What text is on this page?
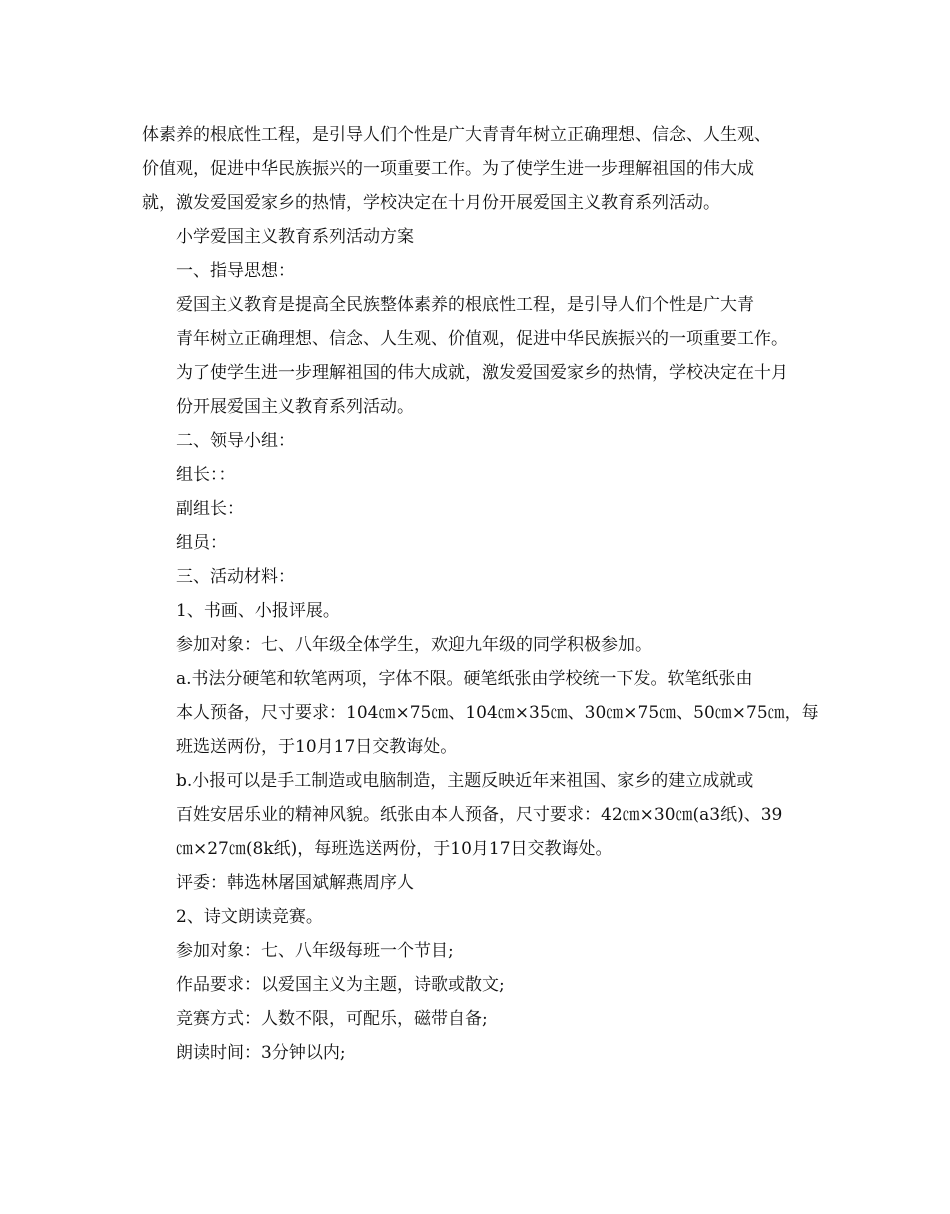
体素养的根底性工程，是引导人们个性是广大青青年树立正确理想、信念、人生观、
价值观，促进中华民族振兴的一项重要工作。为了使学生进一步理解祖国的伟大成
就，激发爱国爱家乡的热情，学校决定在十月份开展爱国主义教育系列活动。

小学爱国主义教育系列活动方案

一、指导思想：

爱国主义教育是提高全民族整体素养的根底性工程，是引导人们个性是广大青
青年树立正确理想、信念、人生观、价值观，促进中华民族振兴的一项重要工作。
为了使学生进一步理解祖国的伟大成就，激发爱国爱家乡的热情，学校决定在十月
份开展爱国主义教育系列活动。

二、领导小组：

组长：：

副组长：

组员：

三、活动材料：

1、书画、小报评展。

参加对象：七、八年级全体学生，欢迎九年级的同学积极参加。

a.书法分硬笔和软笔两项，字体不限。硬笔纸张由学校统一下发。软笔纸张由
本人预备，尺寸要求：104㎝×75㎝、104㎝×35㎝、30㎝×75㎝、50㎝×75㎝，每
班选送两份，于10月17日交教诲处。

b.小报可以是手工制造或电脑制造，主题反映近年来祖国、家乡的建立成就或
百姓安居乐业的精神风貌。纸张由本人预备，尺寸要求：42㎝×30㎝(a3纸)、39
㎝×27㎝(8k纸)，每班选送两份，于10月17日交教诲处。

评委：韩选林屠国斌解燕周序人

2、诗文朗读竞赛。

参加对象：七、八年级每班一个节目;

作品要求：以爱国主义为主题，诗歌或散文;

竞赛方式：人数不限，可配乐，磁带自备;

朗读时间：3分钟以内;
